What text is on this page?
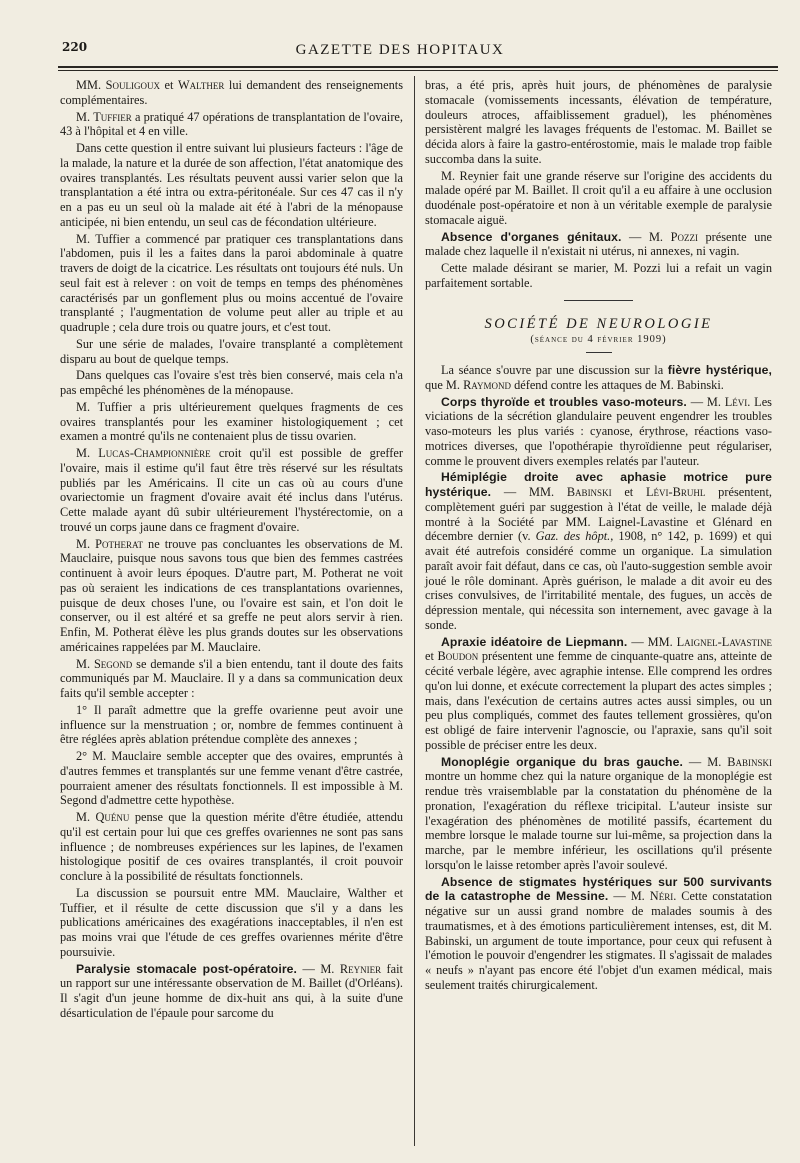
220	GAZETTE DES HOPITAUX

MM. Souligoux et Walther lui demandent des renseignements complémentaires.

M. Tuffier a pratiqué 47 opérations de transplantation de l'ovaire, 43 à l'hôpital et 4 en ville.

Dans cette question il entre suivant lui plusieurs facteurs : l'âge de la malade, la nature et la durée de son affection, l'état anatomique des ovaires transplantés. Les résultats peuvent aussi varier selon que la transplantation a été intra ou extra-péritonéale. Sur ces 47 cas il n'y en a pas eu un seul où la malade ait été à l'abri de la ménopause anticipée, ni bien entendu, un seul cas de fécondation ultérieure.

M. Tuffier a commencé par pratiquer ces transplantations dans l'abdomen, puis il les a faites dans la paroi abdominale à quatre travers de doigt de la cicatrice. Les résultats ont toujours été nuls. Un seul fait est à relever : on voit de temps en temps des phénomènes caractérisés par un gonflement plus ou moins accentué de l'ovaire transplanté ; l'augmentation de volume peut aller au triple et au quadruple ; cela dure trois ou quatre jours, et c'est tout.

Sur une série de malades, l'ovaire transplanté a complètement disparu au bout de quelque temps.

Dans quelques cas l'ovaire s'est très bien conservé, mais cela n'a pas empêché les phénomènes de la ménopause.

M. Tuffier a pris ultérieurement quelques fragments de ces ovaires transplantés pour les examiner histologiquement ; cet examen a montré qu'ils ne contenaient plus de tissu ovarien.

M. Lucas-Championnière croit qu'il est possible de greffer l'ovaire, mais il estime qu'il faut être très réservé sur les résultats publiés par les Américains. Il cite un cas où au cours d'une ovariectomie un fragment d'ovaire avait été inclus dans l'utérus. Cette malade ayant dû subir ultérieurement l'hystérectomie, on a trouvé un corps jaune dans ce fragment d'ovaire.

M. Potherat ne trouve pas concluantes les observations de M. Mauclaire, puisque nous savons tous que bien des femmes castrées continuent à avoir leurs époques. D'autre part, M. Potherat ne voit pas où seraient les indications de ces transplantations ovariennes, puisque de deux choses l'une, ou l'ovaire est sain, et l'on doit le conserver, ou il est altéré et sa greffe ne peut alors servir à rien. Enfin, M. Potherat élève les plus grands doutes sur les observations américaines rappelées par M. Mauclaire.

M. Segond se demande s'il a bien entendu, tant il doute des faits communiqués par M. Mauclaire. Il y a dans sa communication deux faits qu'il semble accepter :

1° Il paraît admettre que la greffe ovarienne peut avoir une influence sur la menstruation ; or, nombre de femmes continuent à être réglées après ablation prétendue complète des annexes ;

2° M. Mauclaire semble accepter que des ovaires, empruntés à d'autres femmes et transplantés sur une femme venant d'être castrée, pourraient amener des résultats fonctionnels. Il est impossible à M. Segond d'admettre cette hypothèse.

M. Quénu pense que la question mérite d'être étudiée, attendu qu'il est certain pour lui que ces greffes ovariennes ne sont pas sans influence ; de nombreuses expériences sur les lapines, de l'examen histologique positif de ces ovaires transplantés, il croit pouvoir conclure à la possibilité de résultats fonctionnels.

La discussion se poursuit entre MM. Mauclaire, Walther et Tuffier, et il résulte de cette discussion que s'il y a dans les publications américaines des exagérations inacceptables, il n'en est pas moins vrai que l'étude de ces greffes ovariennes mérite d'être poursuivie.

Paralysie stomacale post-opératoire. — M. Reynier fait un rapport sur une intéressante observation de M. Baillet (d'Orléans). Il s'agit d'un jeune homme de dix-huit ans qui, à la suite d'une désarticulation de l'épaule pour sarcome du

bras, a été pris, après huit jours, de phénomènes de paralysie stomacale (vomissements incessants, élévation de température, douleurs atroces, affaiblissement graduel), les phénomènes persistèrent malgré les lavages fréquents de l'estomac. M. Baillet se décida alors à faire la gastro-entérostomie, mais le malade trop faible succomba dans la suite.

M. Reynier fait une grande réserve sur l'origine des accidents du malade opéré par M. Baillet. Il croit qu'il a eu affaire à une occlusion duodénale post-opératoire et non à un véritable exemple de paralysie stomacale aiguë.

Absence d'organes génitaux. — M. Pozzi présente une malade chez laquelle il n'existait ni utérus, ni annexes, ni vagin.

Cette malade désirant se marier, M. Pozzi lui a refait un vagin parfaitement sortable.

SOCIÉTÉ DE NEUROLOGIE
(séance du 4 février 1909)

La séance s'ouvre par une discussion sur la fièvre hystérique, que M. Raymond défend contre les attaques de M. Babinski.

Corps thyroïde et troubles vaso-moteurs. — M. Lévi. Les viciations de la sécrétion glandulaire peuvent engendrer les troubles vaso-moteurs les plus variés : cyanose, érythrose, réactions vaso-motrices diverses, que l'opothérapie thyroïdienne peut régulariser, comme le prouvent divers exemples relatés par l'auteur.

Hémiplégie droite avec aphasie motrice pure hystérique. — MM. Babinski et Lévi-Bruhl présentent, complètement guéri par suggestion à l'état de veille, le malade déjà montré à la Société par MM. Laignel-Lavastine et Glénard en décembre dernier (v. Gaz. des hôpt., 1908, n° 142, p. 1699) et qui avait été autrefois considéré comme un organique. La simulation paraît avoir fait défaut, dans ce cas, où l'auto-suggestion semble avoir joué le rôle dominant. Après guérison, le malade a dit avoir eu des crises convulsives, de l'irritabilité mentale, des fugues, un accès de dépression mentale, qui nécessita son internement, avec gavage à la sonde.

Apraxie idéatoire de Liepmann. — MM. Laignel-Lavastine et Boudon présentent une femme de cinquante-quatre ans, atteinte de cécité verbale légère, avec agraphie intense. Elle comprend les ordres qu'on lui donne, et exécute correctement la plupart des actes simples ; mais, dans l'exécution de certains autres actes aussi simples, ou un peu plus compliqués, commet des fautes tellement grossières, qu'on est obligé de faire intervenir l'agnoscie, ou l'apraxie, sans qu'il soit possible de préciser entre les deux.

Monoplégie organique du bras gauche. — M. Babinski montre un homme chez qui la nature organique de la monoplégie est rendue très vraisemblable par la constatation du phénomène de la pronation, l'exagération du réflexe tricipital. L'auteur insiste sur l'exagération des phénomènes de motilité passifs, écartement du membre lorsque le malade tourne sur lui-même, sa projection dans la marche, par le membre inférieur, les oscillations qu'il présente lorsqu'on le laisse retomber après l'avoir soulevé.

Absence de stigmates hystériques sur 500 survivants de la catastrophe de Messine. — M. Néri. Cette constatation négative sur un aussi grand nombre de malades soumis à des traumatismes, et à des émotions particulièrement intenses, est, dit M. Babinski, un argument de toute importance, pour ceux qui refusent à l'émotion le pouvoir d'engendrer les stigmates. Il s'agissait de malades « neufs » n'ayant pas encore été l'objet d'un examen médical, mais seulement traités chirurgicalement.
